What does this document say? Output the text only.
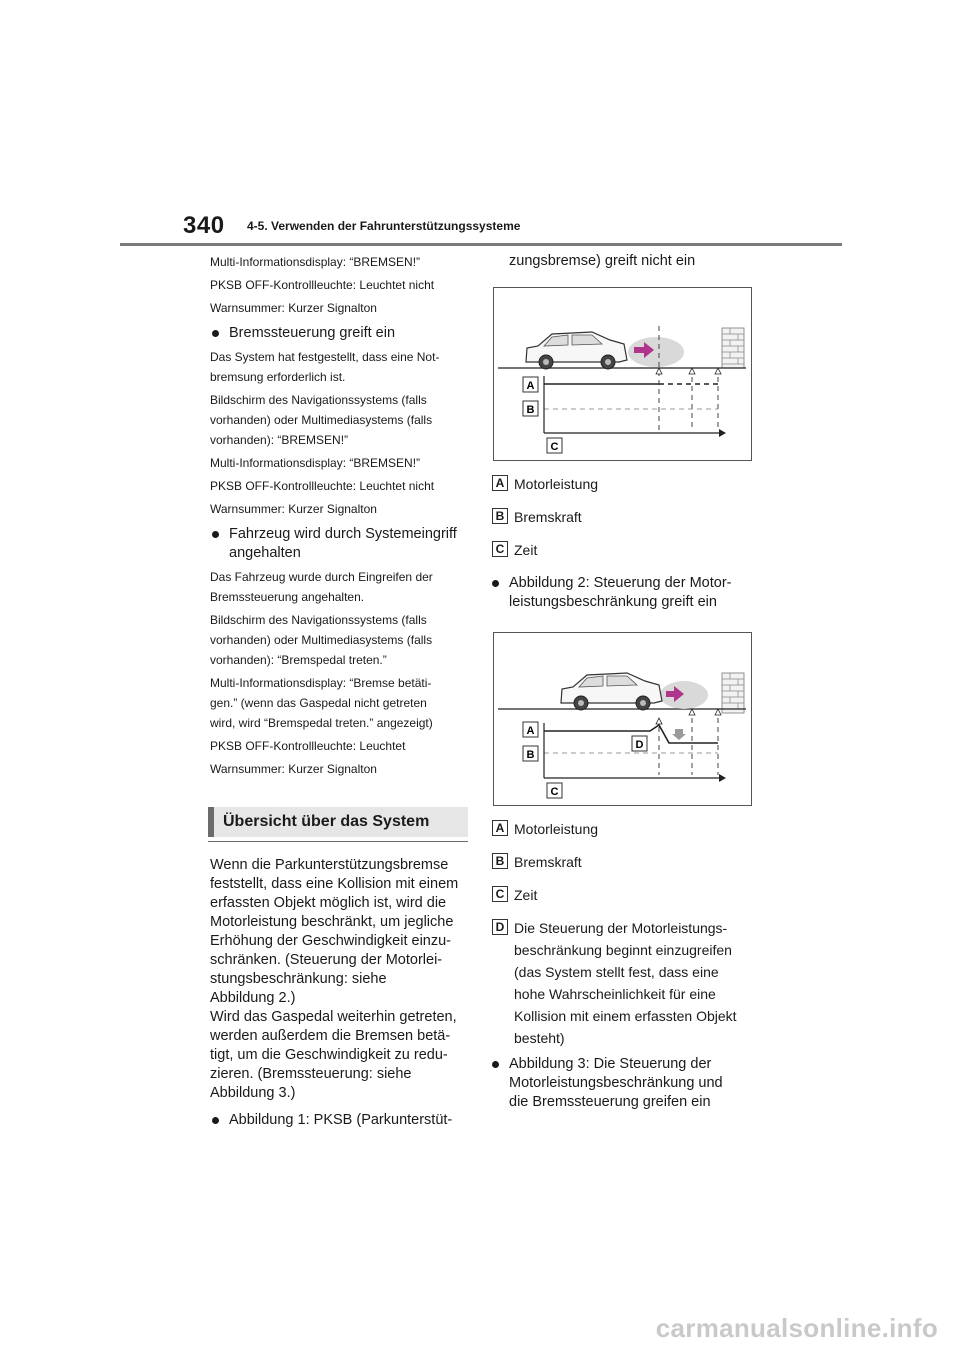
340 4-5. Verwenden der Fahrunterstützungssysteme

Multi-Informationsdisplay: “BREMSEN!”

PKSB OFF-Kontrollleuchte: Leuchtet nicht

Warnsummer: Kurzer Signalton

Bremssteuerung greift ein

Das System hat festgestellt, dass eine Not-

bremsung erforderlich ist.

Bildschirm des Navigationssystems (falls

vorhanden) oder Multimediasystems (falls

vorhanden): “BREMSEN!”

Multi-Informationsdisplay: “BREMSEN!”

PKSB OFF-Kontrollleuchte: Leuchtet nicht

Warnsummer: Kurzer Signalton

Fahrzeug wird durch Systemeingriff
angehalten

Das Fahrzeug wurde durch Eingreifen der

Bremssteuerung angehalten.

Bildschirm des Navigationssystems (falls

vorhanden) oder Multimediasystems (falls

vorhanden): “Bremspedal treten.”

Multi-Informationsdisplay: “Bremse betäti-

gen.” (wenn das Gaspedal nicht getreten

wird, wird “Bremspedal treten.” angezeigt)

PKSB OFF-Kontrollleuchte: Leuchtet

Warnsummer: Kurzer Signalton

Übersicht über das System

Wenn die Parkunterstützungsbremse

feststellt, dass eine Kollision mit einem

erfassten Objekt möglich ist, wird die

Motorleistung beschränkt, um jegliche

Erhöhung der Geschwindigkeit einzu-

schränken. (Steuerung der Motorlei-

stungsbeschränkung: siehe

Abbildung 2.)

Wird das Gaspedal weiterhin getreten,

werden außerdem die Bremsen betä-

tigt, um die Geschwindigkeit zu redu-

zieren. (Bremssteuerung: siehe

Abbildung 3.)

Abbildung 1: PKSB (Parkunterstüt-

zungsbremse) greift nicht ein

A
B
C
A Motorleistung
B Bremskraft
C Zeit
Abbildung 2: Steuerung der Motor-
leistungsbeschränkung greift ein
A
B
C
D
A Motorleistung
B Bremskraft
C Zeit
D Die Steuerung der Motorleistungs-
beschränkung beginnt einzugreifen
(das System stellt fest, dass eine
hohe Wahrscheinlichkeit für eine
Kollision mit einem erfassten Objekt
besteht)
Abbildung 3: Die Steuerung der
Motorleistungsbeschränkung und
die Bremssteuerung greifen ein
carmanualsonline.info
